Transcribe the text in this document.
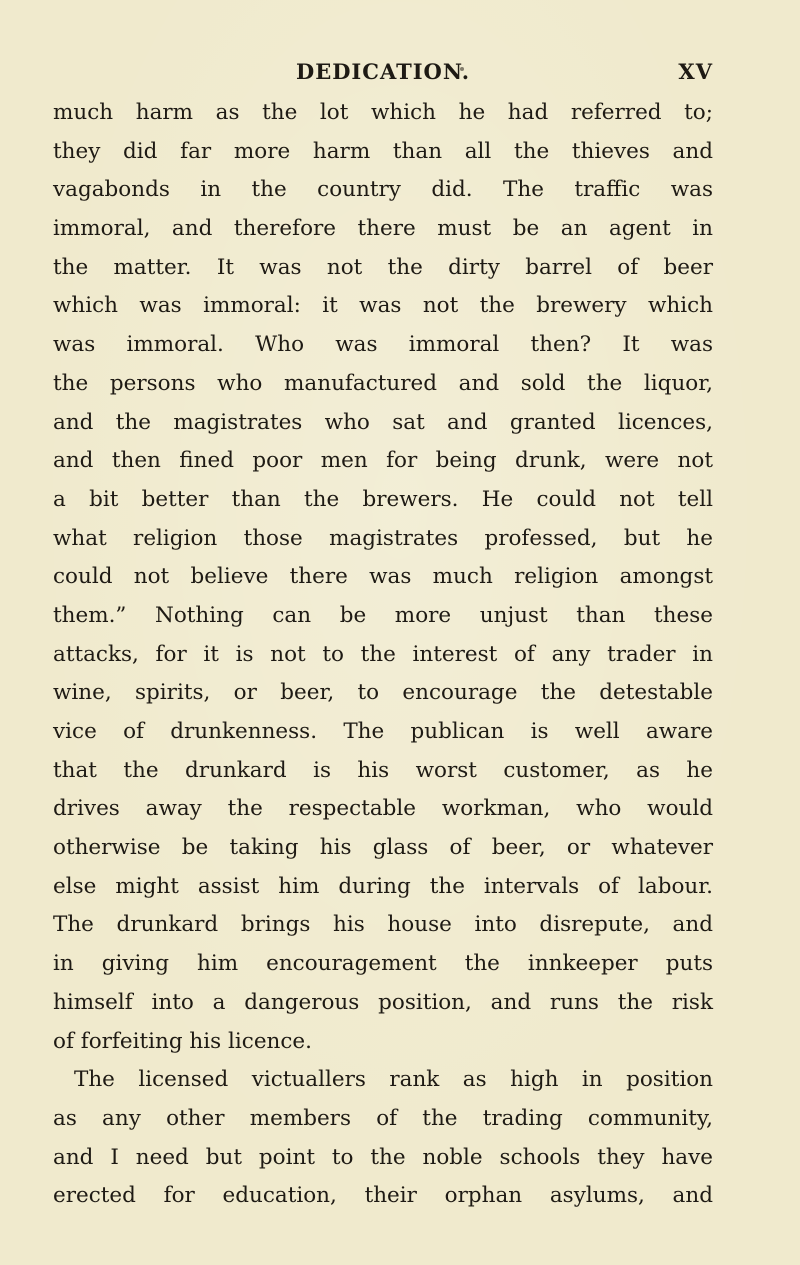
DEDICATION.	XV
much harm as the lot which he had referred to;
they did far more harm than all the thieves and
vagabonds in the country did. The traffic was
immoral, and therefore there must be an agent in
the matter. It was not the dirty barrel of beer
which was immoral: it was not the brewery which
was immoral. Who was immoral then? It was
the persons who manufactured and sold the liquor,
and the magistrates who sat and granted licences,
and then fined poor men for being drunk, were not
a bit better than the brewers. He could not tell
what religion those magistrates professed, but he
could not believe there was much religion amongst
them.” Nothing can be more unjust than these
attacks, for it is not to the interest of any trader in
wine, spirits, or beer, to encourage the detestable
vice of drunkenness. The publican is well aware
that the drunkard is his worst customer, as he
drives away the respectable workman, who would
otherwise be taking his glass of beer, or whatever
else might assist him during the intervals of labour.
The drunkard brings his house into disrepute, and
in giving him encouragement the innkeeper puts
himself into a dangerous position, and runs the risk
of forfeiting his licence.
The licensed victuallers rank as high in position
as any other members of the trading community,
and I need but point to the noble schools they have
erected for education, their orphan asylums, and
